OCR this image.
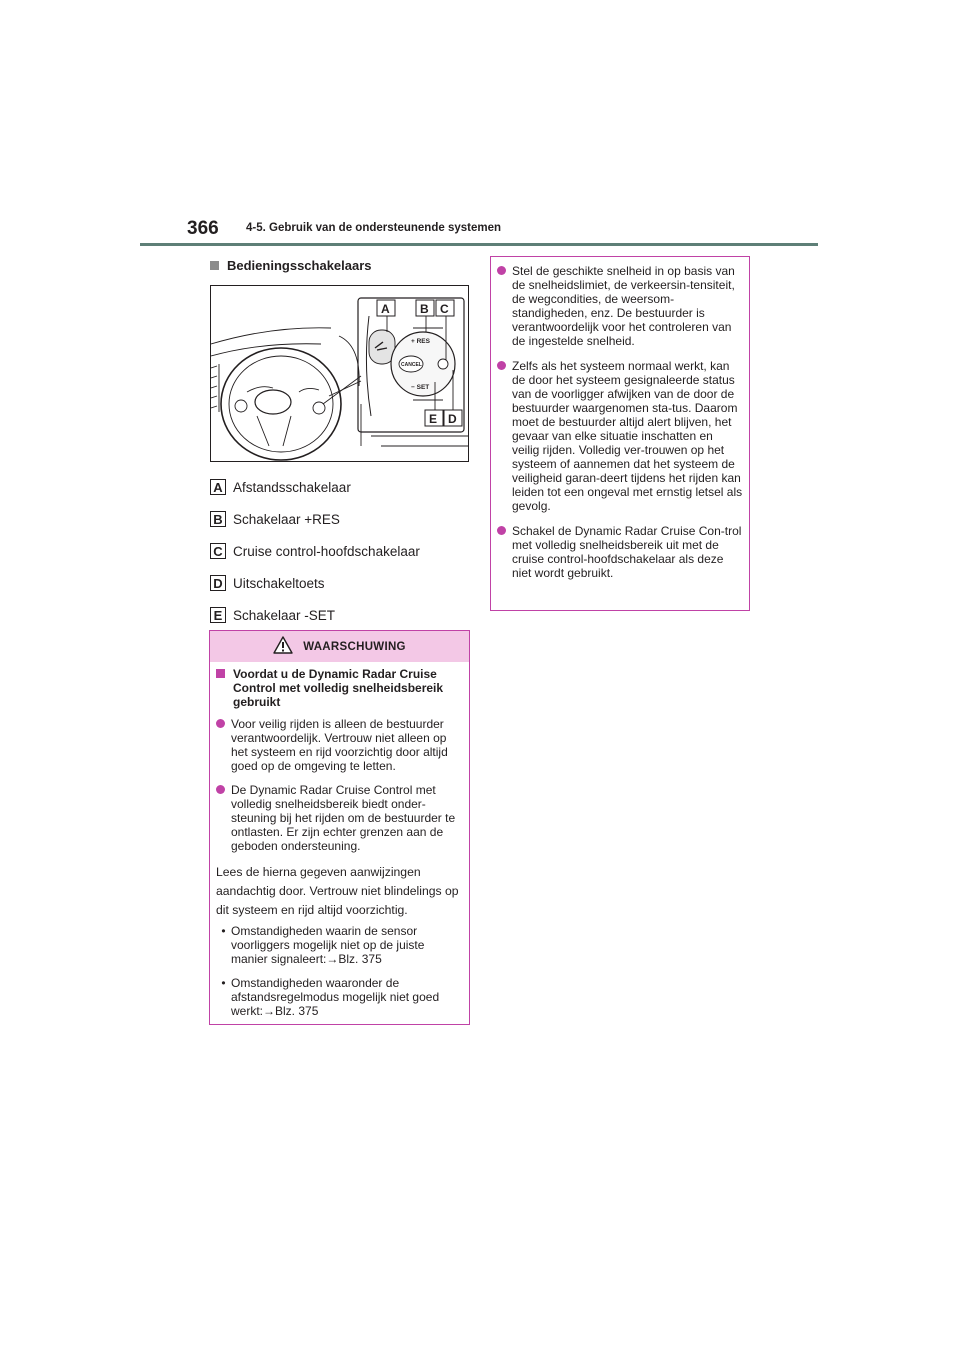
366 4-5. Gebruik van de ondersteunende systemen
Bedieningsschakelaars
+ RES
− SET
CANCEL
A	B C
D
E
A Afstandsschakelaar
B Schakelaar +RES
C Cruise control-hoofdschakelaar
D Uitschakeltoets
E Schakelaar -SET
WAARSCHUWING
Voordat u de Dynamic Radar Cruise Control met volledig snelheidsbereik gebruikt
Voor veilig rijden is alleen de bestuurder verantwoordelijk. Vertrouw niet alleen op het systeem en rijd voorzichtig door altijd goed op de omgeving te letten.
De Dynamic Radar Cruise Control met volledig snelheidsbereik biedt onder-steuning bij het rijden om de bestuurder te ontlasten. Er zijn echter grenzen aan de geboden ondersteuning.
Lees de hierna gegeven aanwijzingen aandachtig door. Vertrouw niet blindelings op dit systeem en rijd altijd voorzichtig.
• Omstandigheden waarin de sensor voorliggers mogelijk niet op de juiste manier signaleert:→Blz. 375
• Omstandigheden waaronder de afstandsregelmodus mogelijk niet goed werkt:→Blz. 375
Stel de geschikte snelheid in op basis van de snelheidslimiet, de verkeersin-tensiteit, de wegcondities, de weersom-standigheden, enz. De bestuurder is verantwoordelijk voor het controleren van de ingestelde snelheid.
Zelfs als het systeem normaal werkt, kan de door het systeem gesignaleerde status van de voorligger afwijken van de door de bestuurder waargenomen sta-tus. Daarom moet de bestuurder altijd alert blijven, het gevaar van elke situatie inschatten en veilig rijden. Volledig ver-trouwen op het systeem of aannemen dat het systeem de veiligheid garan-deert tijdens het rijden kan leiden tot een ongeval met ernstig letsel als gevolg.
Schakel de Dynamic Radar Cruise Con-trol met volledig snelheidsbereik uit met de cruise control-hoofdschakelaar als deze niet wordt gebruikt.
